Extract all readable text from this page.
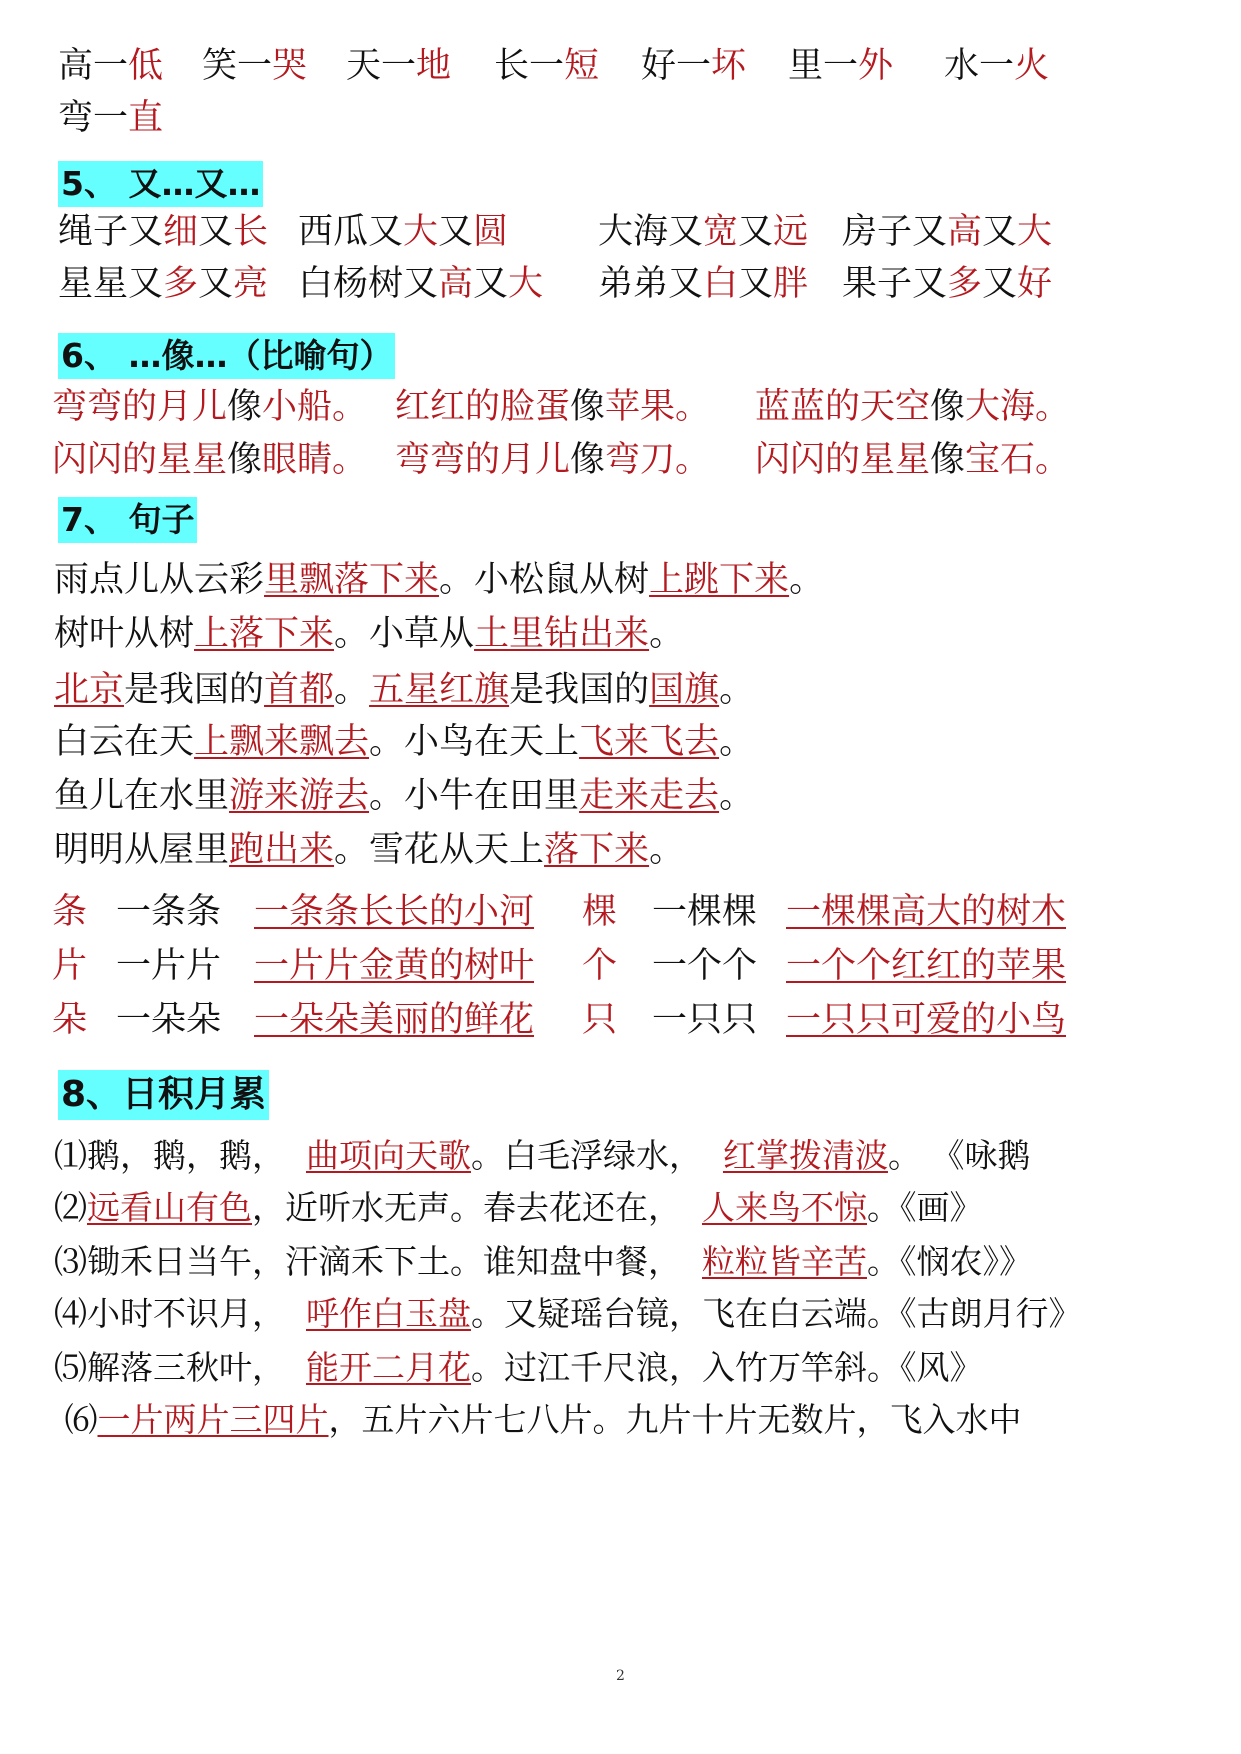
高一低 笑一哭 天一地 长一短 好一坏 里一外 水一火
弯一直
5、 又…又…
绳子又细又长 西瓜又大又圆	大海又宽又远 房子又高又大
星星又多又亮 白杨树又高又大 弟弟又白又胖 果子又多又好
6、 …像…（比喻句）
弯弯的月儿像小船。 红红的脸蛋像苹果。 蓝蓝的天空像大海。
闪闪的星星像眼睛。 弯弯的月儿像弯刀。 闪闪的星星像宝石。
7、 句子
雨点儿从云彩里飘落下来。小松鼠从树上跳下来。
树叶从树上落下来。小草从土里钻出来。
北京是我国的首都。五星红旗是我国的国旗。
白云在天上飘来飘去。小鸟在天上飞来飞去。
鱼儿在水里游来游去。小牛在田里走来走去。
明明从屋里跑出来。雪花从天上落下来。
条 一条条 一条条长长的小河 棵 一棵棵 一棵棵高大的树木
片 一片片 一片片金黄的树叶 个 一个个 一个个红红的苹果
朵 一朵朵 一朵朵美丽的鲜花 只 一只只 一只只可爱的小鸟
8、日积月累
⑴鹅，鹅，鹅，  曲项向天歌。白毛浮绿水，  红掌拨清波。 《咏鹅
⑵远看山有色，近听水无声。春去花还在，  人来鸟不惊。《画》
⑶锄禾日当午，汗滴禾下土。谁知盘中餐，  粒粒皆辛苦。《悯农》》
⑷小时不识月，  呼作白玉盘。又疑瑶台镜，飞在白云端。《古朗月行》
⑸解落三秋叶，  能开二月花。过江千尺浪，入竹万竿斜。《风》
⑹一片两片三四片，五片六片七八片。九片十片无数片，飞入水中
2
